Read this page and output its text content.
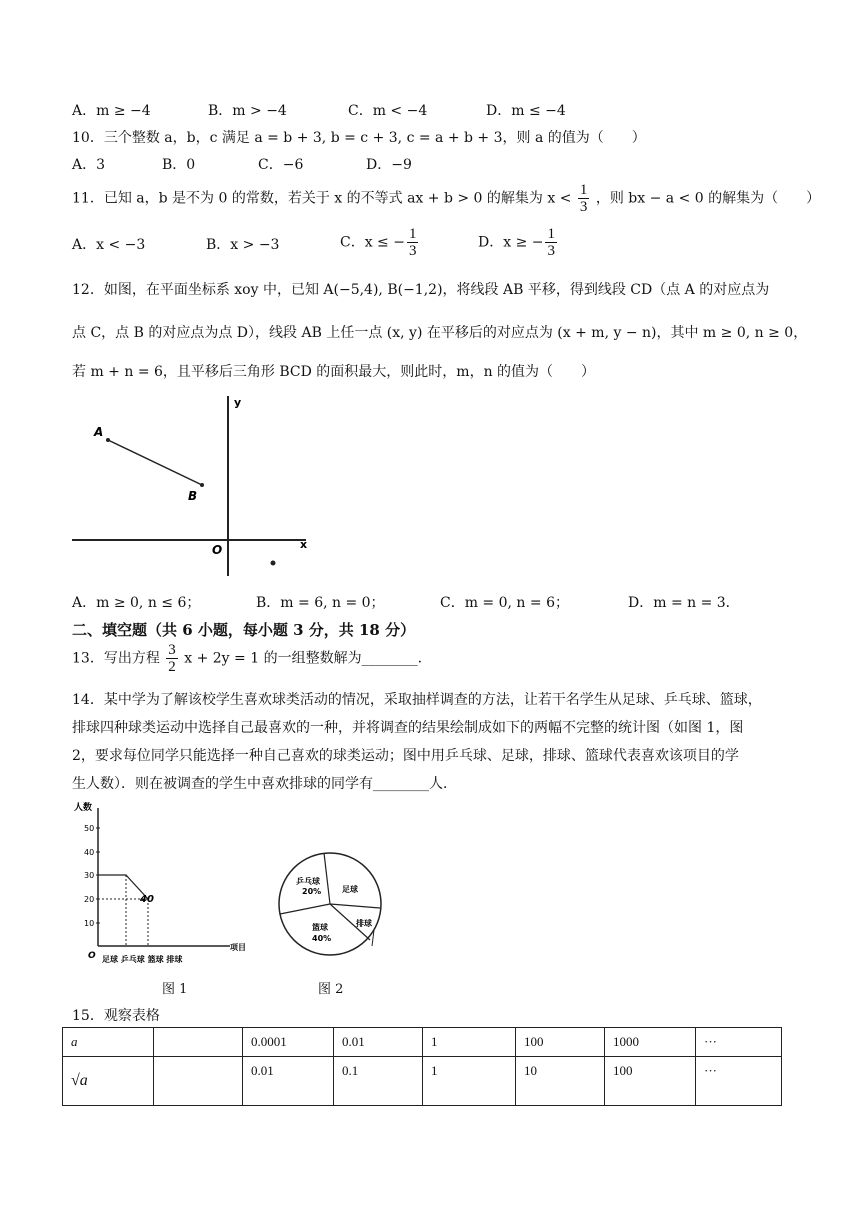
A．m ≥ −4	B．m > −4	C．m < −4	D．m ≤ −4
10．三个整数 a，b，c 满足 a = b + 3, b = c + 3, c = a + b + 3，则 a 的值为（　　）
A．3	B．0	C．−6	D．−9
11．已知 a，b 是不为 0 的常数，若关于 x 的不等式 ax + b > 0 的解集为 $x < \frac{1}{3}$ ，则 bx − a < 0 的解集为（　　）
A．x < −3	B．x > −3	C．x ≤ − $\frac{1}{3}$	D．x ≥ − $\frac{1}{3}$
12．如图，在平面坐标系 xoy 中，已知 A(−5,4), B(−1,2)，将线段 AB 平移，得到线段 CD（点 A 的对应点为
点 C，点 B 的对应点为点 D），线段 AB 上任一点 (x, y) 在平移后的对应点为 (x + m, y − n)，其中 m ≥ 0, n ≥ 0，
若 m + n = 6，且平移后三角形 BCD 的面积最大，则此时，m，n 的值为（　　）
A
B
O	x
y
A．m ≥ 0, n ≤ 6；	B．m = 6, n = 0；	C．m = 0, n = 6；	D．m = n = 3．
二、填空题（共 6 小题，每小题 3 分，共 18 分）
13．写出方程 $\frac{3}{2}$ x + 2y = 1 的一组整数解为________.
14．某中学为了解该校学生喜欢球类活动的情况，采取抽样调查的方法，让若干名学生从足球、乒乓球、篮球，
排球四种球类运动中选择自己最喜欢的一种，并将调查的结果绘制成如下的两幅不完整的统计图（如图 1，图
2，要求每位同学只能选择一种自己喜欢的球类运动；图中用乒乓球、足球，排球、篮球代表喜欢该项目的学
生人数）．则在被调查的学生中喜欢排球的同学有________人．
人数
50
40
30
20
10
40
O
项目
足球 乒乓球 篮球 排球
图 1
乒乓球
20%	足球
篮球
40%
排球
图 2
15．观察表格
a		0.0001	0.01	1	100	1000	···
√a		0.01	0.1	1	10	100	···
